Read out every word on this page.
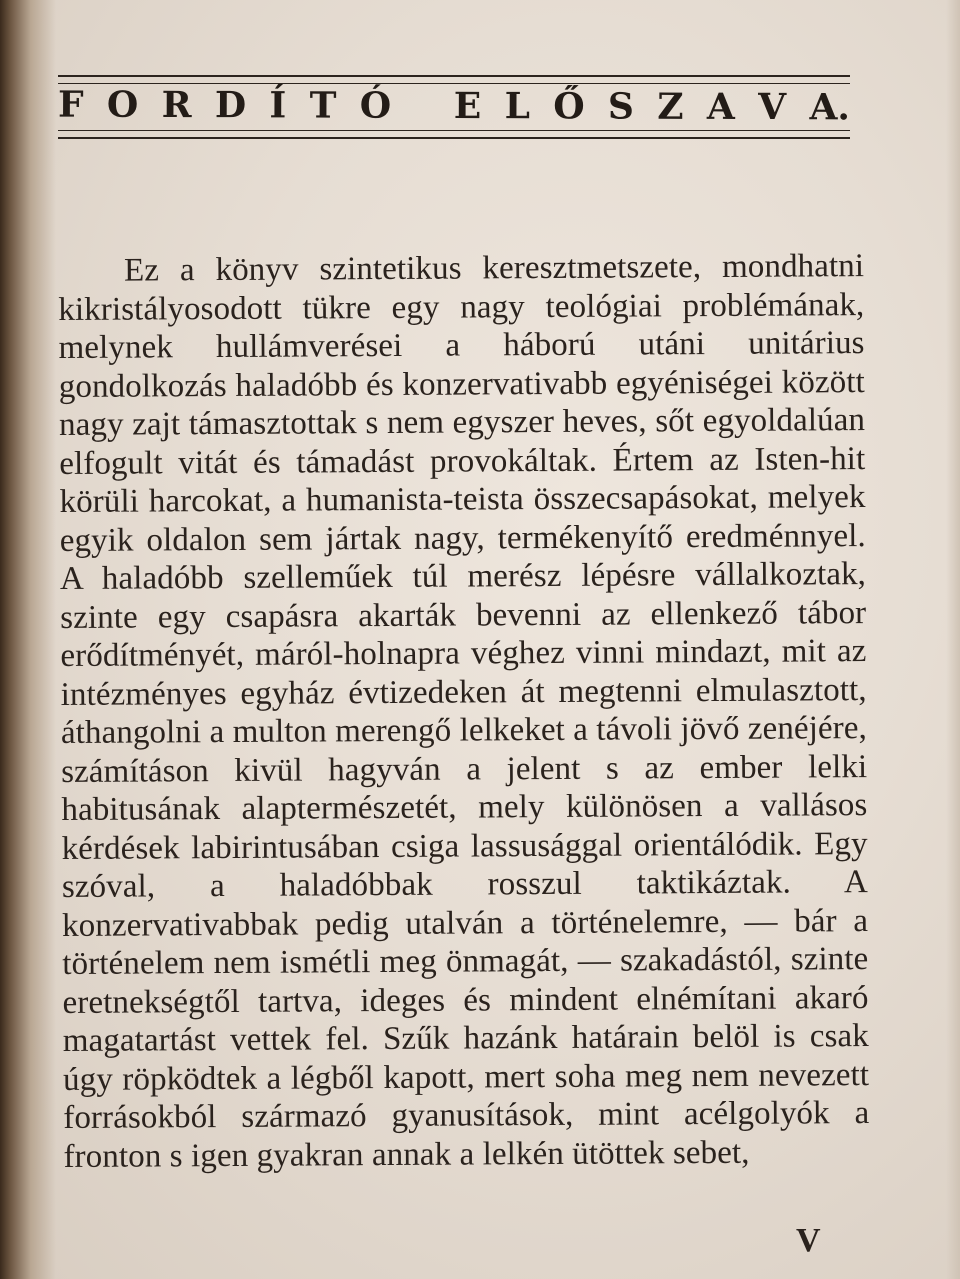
F O R D Í T Ó E L Ő S Z A V A.

Ez a könyv szintetikus keresztmetszete, mondhatni kikristályosodott tükre egy nagy teológiai problémának, melynek hullámverései a háború utáni unitárius gondolkozás haladóbb és konzervativabb egyéniségei között nagy zajt támasztottak s nem egyszer heves, sőt egyoldalúan elfogult vitát és támadást provokáltak. Értem az Isten-hit körüli harcokat, a humanista-teista összecsapásokat, melyek egyik oldalon sem jártak nagy, termékenyítő eredménnyel. A haladóbb szelleműek túl merész lépésre vállalkoztak, szinte egy csapásra akarták bevenni az ellenkező tábor erődítményét, máról-holnapra véghez vinni mindazt, mit az intézményes egyház évtizedeken át megtenni elmulasztott, áthangolni a multon merengő lelkeket a távoli jövő zenéjére, számításon kivül hagyván a jelent s az ember lelki habitusának alaptermészetét, mely különösen a vallásos kérdések labirintusában csiga lassusággal orientálódik. Egy szóval, a haladóbbak rosszul taktikáztak. A konzervativabbak pedig utalván a történelemre, — bár a történelem nem ismétli meg önmagát, — szakadástól, szinte eretnekségtől tartva, ideges és mindent elnémítani akaró magatartást vettek fel. Szűk hazánk határain belöl is csak úgy röpködtek a légből kapott, mert soha meg nem nevezett forrásokból származó gyanusítások, mint acélgolyók a fronton s igen gyakran annak a lelkén ütöttek sebet,

V
